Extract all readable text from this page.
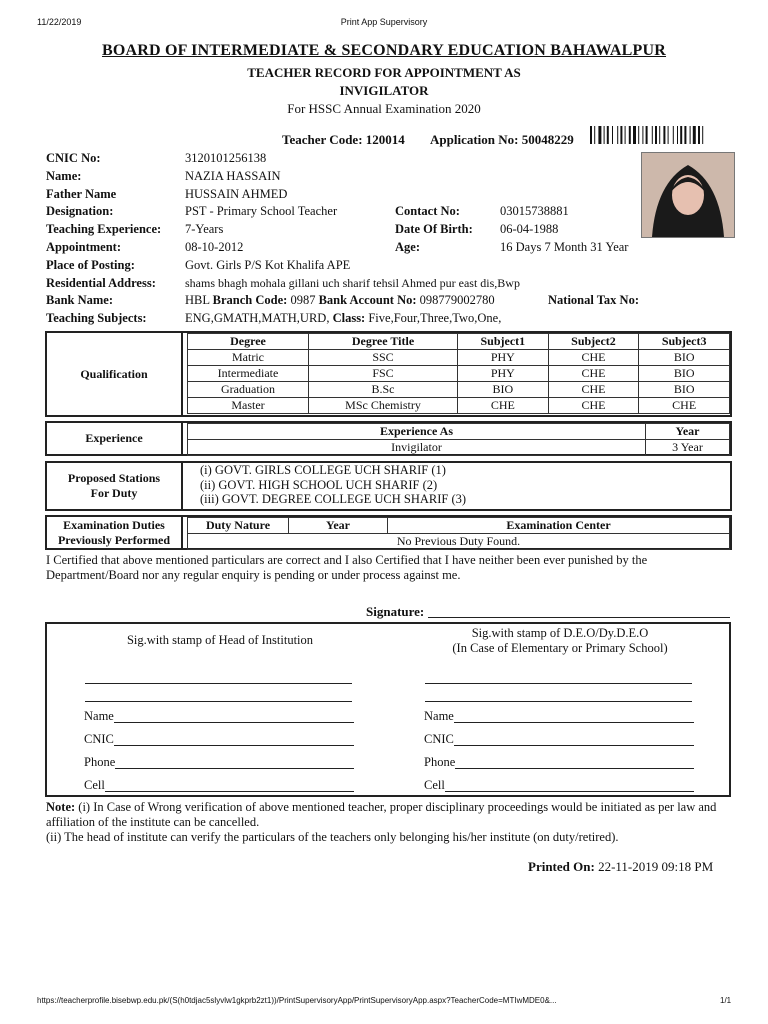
11/22/2019	Print App Supervisory
BOARD OF INTERMEDIATE & SECONDARY EDUCATION BAHAWALPUR
TEACHER RECORD FOR APPOINTMENT AS
INVIGILATOR
For HSSC Annual Examination 2020
Teacher Code: 120014 Application No: 50048229
CNIC No:	3120101256138
Name:	NAZIA HASSAIN
Father Name	HUSSAIN AHMED
Designation:	PST - Primary School Teacher	Contact No:	03015738881
Teaching Experience: 7-Years	Date Of Birth: 06-04-1988
Appointment:	08-10-2012	Age:	16 Days 7 Month 31 Year
Place of Posting:	Govt. Girls P/S Kot Khalifa APE
Residential Address: shams bhagh mohala gillani uch sharif tehsil Ahmed pur east dis,Bwp
Bank Name:	HBL Branch Code: 0987 Bank Account No: 098779002780	National Tax No:
Teaching Subjects:	ENG,GMATH,MATH,URD, Class: Five,Four,Three,Two,One,
Qualification
Degree	Degree Title	Subject1	Subject2	Subject3
Matric	SSC	PHY	CHE	BIO
Intermediate	FSC	PHY	CHE	BIO
Graduation	B.Sc	BIO	CHE	BIO
Master	MSc Chemistry	CHE	CHE	CHE
Experience	Experience As	Year
Invigilator	3 Year
Proposed Stations
For Duty
(i) GOVT. GIRLS COLLEGE UCH SHARIF (1)
(ii) GOVT. HIGH SCHOOL UCH SHARIF (2)
(iii) GOVT. DEGREE COLLEGE UCH SHARIF (3)
Examination Duties
Previously Performed
Duty Nature	Year	Examination Center
No Previous Duty Found.
I Certified that above mentioned particulars are correct and I also Certified that I have neither been ever punished by the Department/Board nor any regular enquiry is pending or under process against me.
Signature:
Sig.with stamp of Head of Institution	Sig.with stamp of D.E.O/Dy.D.E.O
(In Case of Elementary or Primary School)
Name
CNIC
Phone
Cell
Name
CNIC
Phone
Cell
Note: (i) In Case of Wrong verification of above mentioned teacher, proper disciplinary proceedings would be initiated as per law and affiliation of the institute can be cancelled.
(ii) The head of institute can verify the particulars of the teachers only belonging his/her institute (on duty/retired).
Printed On: 22-11-2019 09:18 PM
https://teacherprofile.bisebwp.edu.pk/(S(h0tdjac5slyvlw1gkprb2zt1))/PrintSupervisoryApp/PrintSupervisoryApp.aspx?TeacherCode=MTIwMDE0&...	1/1
